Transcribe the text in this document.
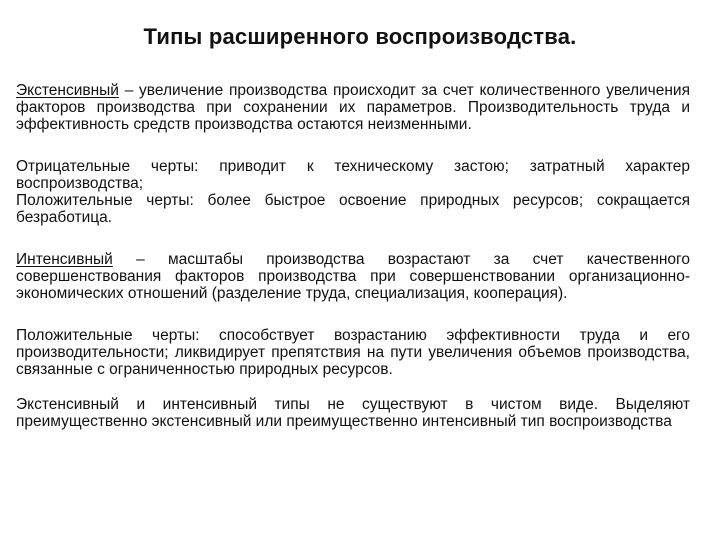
Типы расширенного воспроизводства.

Экстенсивный – увеличение производства происходит за счет количественного увеличения факторов производства при сохранении их параметров. Производительность труда и эффективность средств производства остаются неизменными.

Отрицательные черты: приводит к техническому застою; затратный характер воспроизводства;

Положительные черты: более быстрое освоение природных ресурсов; сокращается безработица.

Интенсивный – масштабы производства возрастают за счет качественного совершенствования факторов производства при совершенствовании организационно-экономических отношений (разделение труда, специализация, кооперация).

Положительные черты: способствует возрастанию эффективности труда и его производительности; ликвидирует препятствия на пути увеличения объемов производства, связанные с ограниченностью природных ресурсов.

Экстенсивный и интенсивный типы не существуют в чистом виде. Выделяют преимущественно экстенсивный или преимущественно интенсивный тип воспроизводства
